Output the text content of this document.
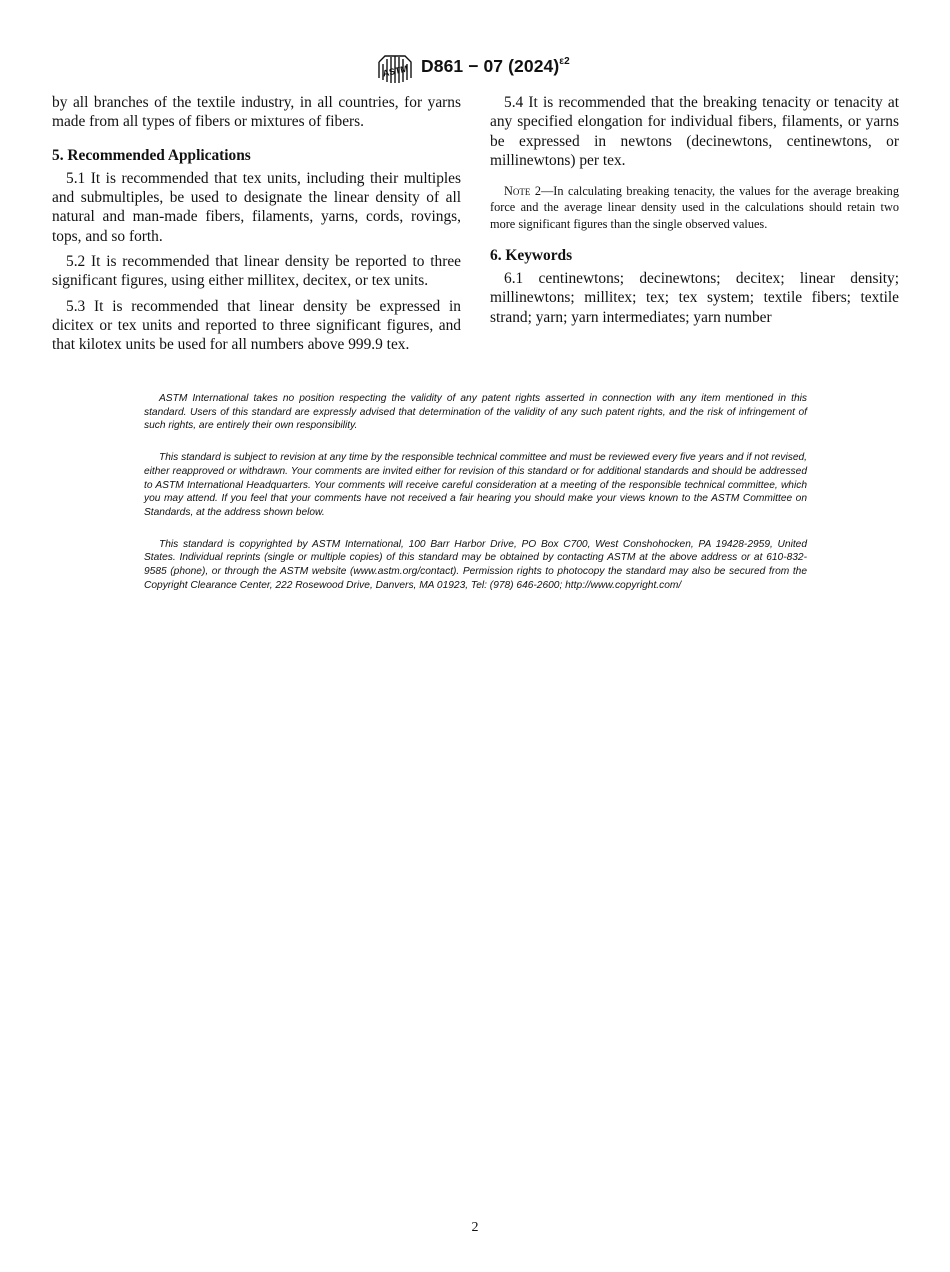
ASTM D861 − 07 $(2024)^{\varepsilon 2}$

by all branches of the textile industry, in all countries, for yarns made from all types of fibers or mixtures of fibers.

5. Recommended Applications

5.1 It is recommended that tex units, including their multiples and submultiples, be used to designate the linear density of all natural and man-made fibers, filaments, yarns, cords, rovings, tops, and so forth.

5.2 It is recommended that linear density be reported to three significant figures, using either millitex, decitex, or tex units.

5.3 It is recommended that linear density be expressed in dicitex or tex units and reported to three significant figures, and that kilotex units be used for all numbers above 999.9 tex.

5.4 It is recommended that the breaking tenacity or tenacity at any specified elongation for individual fibers, filaments, or yarns be expressed in newtons (decinewtons, centinewtons, or millinewtons) per tex.

Note 2—In calculating breaking tenacity, the values for the average breaking force and the average linear density used in the calculations should retain two more significant figures than the single observed values.
6. Keywords

6.1 centinewtons; decinewtons; decitex; linear density; millinewtons; millitex; tex; tex system; textile fibers; textile strand; yarn; yarn intermediates; yarn number

ASTM International takes no position respecting the validity of any patent rights asserted in connection with any item mentioned in this standard. Users of this standard are expressly advised that determination of the validity of any such patent rights, and the risk of infringement of such rights, are entirely their own responsibility.

This standard is subject to revision at any time by the responsible technical committee and must be reviewed every five years and if not revised, either reapproved or withdrawn. Your comments are invited either for revision of this standard or for additional standards and should be addressed to ASTM International Headquarters. Your comments will receive careful consideration at a meeting of the responsible technical committee, which you may attend. If you feel that your comments have not received a fair hearing you should make your views known to the ASTM Committee on Standards, at the address shown below.

This standard is copyrighted by ASTM International, 100 Barr Harbor Drive, PO Box C700, West Conshohocken, PA 19428-2959, United States. Individual reprints (single or multiple copies) of this standard may be obtained by contacting ASTM at the above address or at 610-832-9585 (phone), or through the ASTM website (www.astm.org/contact). Permission rights to photocopy the standard may also be secured from the Copyright Clearance Center, 222 Rosewood Drive, Danvers, MA 01923, Tel: (978) 646-2600; http://www.copyright.com/

2
